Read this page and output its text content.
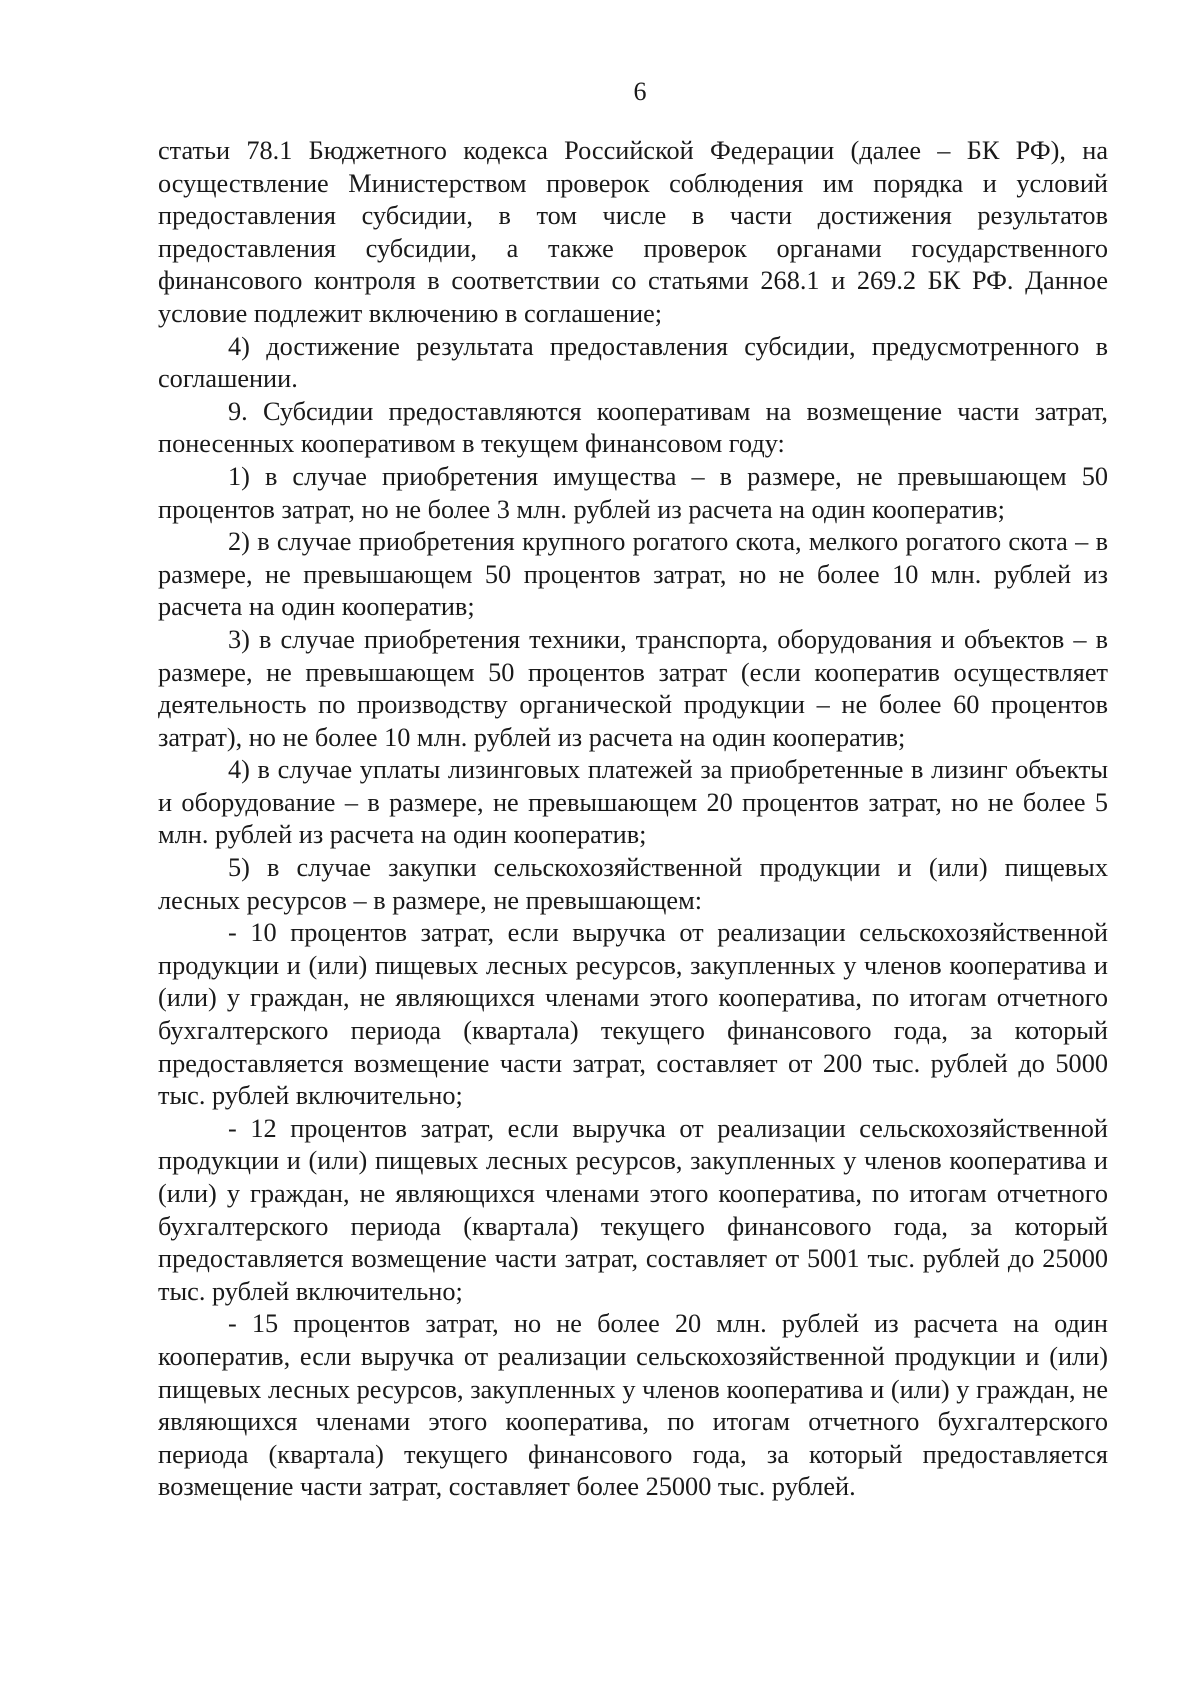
6

статьи 78.1 Бюджетного кодекса Российской Федерации (далее – БК РФ), на осуществление Министерством проверок соблюдения им порядка и условий предоставления субсидии, в том числе в части достижения результатов предоставления субсидии, а также проверок органами государственного финансового контроля в соответствии со статьями 268.1 и 269.2 БК РФ. Данное условие подлежит включению в соглашение;

4) достижение результата предоставления субсидии, предусмотренного в соглашении.

9. Субсидии предоставляются кооперативам на возмещение части затрат, понесенных кооперативом в текущем финансовом году:

1) в случае приобретения имущества – в размере, не превышающем 50 процентов затрат, но не более 3 млн. рублей из расчета на один кооператив;

2) в случае приобретения крупного рогатого скота, мелкого рогатого скота – в размере, не превышающем 50 процентов затрат, но не более 10 млн. рублей из расчета на один кооператив;

3) в случае приобретения техники, транспорта, оборудования и объектов – в размере, не превышающем 50 процентов затрат (если кооператив осуществляет деятельность по производству органической продукции – не более 60 процентов затрат), но не более 10 млн. рублей из расчета на один кооператив;

4) в случае уплаты лизинговых платежей за приобретенные в лизинг объекты и оборудование – в размере, не превышающем 20 процентов затрат, но не более 5 млн. рублей из расчета на один кооператив;

5) в случае закупки сельскохозяйственной продукции и (или) пищевых лесных ресурсов – в размере, не превышающем:

- 10 процентов затрат, если выручка от реализации сельскохозяйственной продукции и (или) пищевых лесных ресурсов, закупленных у членов кооператива и (или) у граждан, не являющихся членами этого кооператива, по итогам отчетного бухгалтерского периода (квартала) текущего финансового года, за который предоставляется возмещение части затрат, составляет от 200 тыс. рублей до 5000 тыс. рублей включительно;

- 12 процентов затрат, если выручка от реализации сельскохозяйственной продукции и (или) пищевых лесных ресурсов, закупленных у членов кооператива и (или) у граждан, не являющихся членами этого кооператива, по итогам отчетного бухгалтерского периода (квартала) текущего финансового года, за который предоставляется возмещение части затрат, составляет от 5001 тыс. рублей до 25000 тыс. рублей включительно;

- 15 процентов затрат, но не более 20 млн. рублей из расчета на один кооператив, если выручка от реализации сельскохозяйственной продукции и (или) пищевых лесных ресурсов, закупленных у членов кооператива и (или) у граждан, не являющихся членами этого кооператива, по итогам отчетного бухгалтерского периода (квартала) текущего финансового года, за который предоставляется возмещение части затрат, составляет более 25000 тыс. рублей.
